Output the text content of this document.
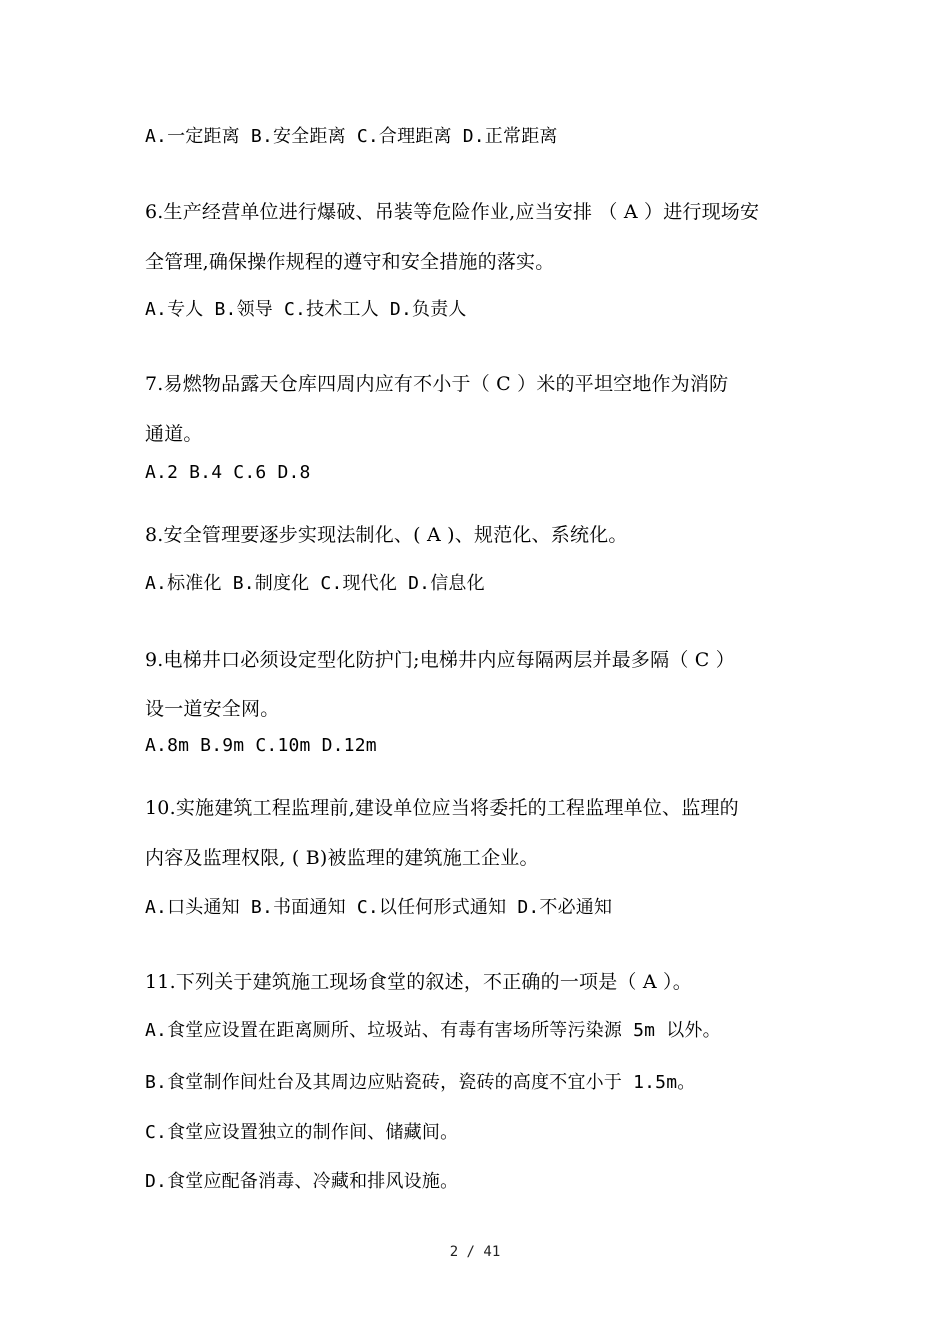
A.一定距离 B.安全距离 C.合理距离 D.正常距离
6.生产经营单位进行爆破、吊装等危险作业,应当安排 （ A ）进行现场安
全管理,确保操作规程的遵守和安全措施的落实。
A.专人 B.领导 C.技术工人 D.负责人
7.易燃物品露天仓库四周内应有不小于（ C ）米的平坦空地作为消防
通道。
A.2 B.4 C.6 D.8
8.安全管理要逐步实现法制化、( A )、规范化、系统化。
A.标准化 B.制度化 C.现代化 D.信息化
9.电梯井口必须设定型化防护门;电梯井内应每隔两层并最多隔（ C ）
设一道安全网。
A.8m B.9m C.10m D.12m
10.实施建筑工程监理前,建设单位应当将委托的工程监理单位、监理的
内容及监理权限, ( B)被监理的建筑施工企业。
A.口头通知 B.书面通知 C.以任何形式通知 D.不必通知
11.下列关于建筑施工现场食堂的叙述，不正确的一项是（ A ）。
A.食堂应设置在距离厕所、垃圾站、有毒有害场所等污染源 5m 以外。
B.食堂制作间灶台及其周边应贴瓷砖，瓷砖的高度不宜小于 1.5m。
C.食堂应设置独立的制作间、储藏间。
D.食堂应配备消毒、冷藏和排风设施。
2 / 41
